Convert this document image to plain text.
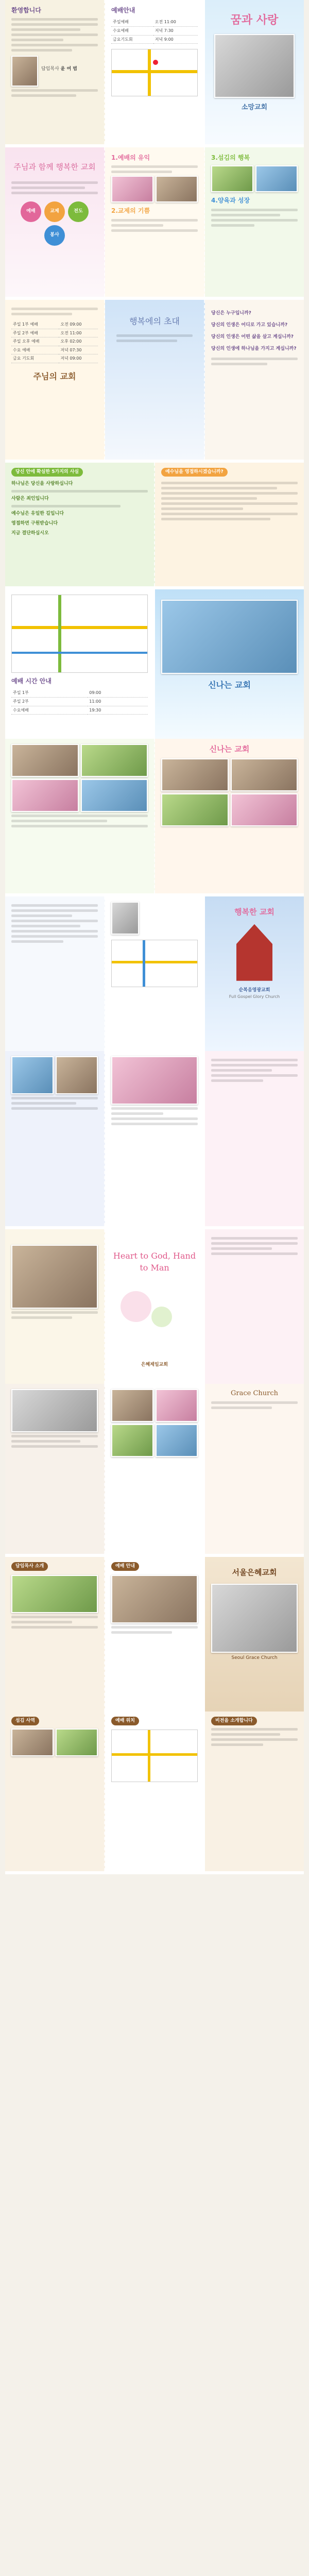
환영합니다
담임목사 윤 여 범
예배안내
주일예배	오전 11:00
수요예배	저녁 7:30
금요기도회	저녁 9:00
꿈과 사랑
소망교회
주님과 함께 행복한 교회
예배	교제	전도
봉사
1.예배의 유익
2.교제의 기쁨
3.섬김의 행복
4.양육과 성장
주일 1부 예배	오전 09:00
주일 2부 예배	오전 11:00
주일 오후 예배	오후 02:00
수요 예배	저녁 07:30
금요 기도회	저녁 09:00
주님의 교회
행복에의 초대
당신은 누구입니까?
당신의 인생은 어디로 가고 있습니까?
당신의 인생은 어떤 삶을 살고 계십니까?
당신의 인생에 하나님을 가지고 계십니까?
당신 안에 확실한 5가지의 사실
하나님은 당신을 사랑하십니다
사람은 죄인입니다
예수님은 유일한 길입니다
영접하면 구원받습니다
지금 결단하십시오
예수님을 영접하시겠습니까?
예배 시간 안내
주일 1부	09:00
주일 2부	11:00
수요예배	19:30
신나는 교회
신나는 교회
행복한 교회
순복음영광교회
Full Gospel Glory Church
Heart to God, Hand to Man
은혜제일교회
Grace Church
담임목사 소개	예배 안내
서울은혜교회
Seoul Grace Church
섬김 사역	예배 위치	비전을 소개합니다
